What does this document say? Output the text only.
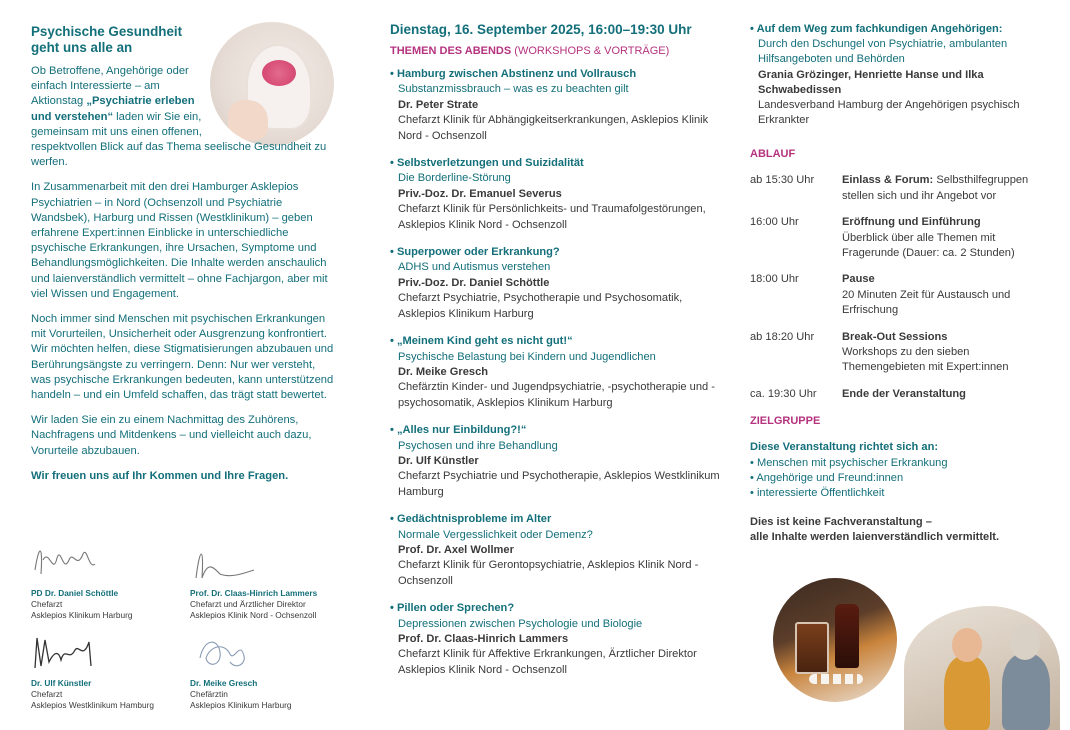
Psychische Gesundheit geht uns alle an

Ob Betroffene, Angehörige oder einfach Interessierte – am Aktionstag „Psychiatrie erleben und verstehen“ laden wir Sie ein, gemeinsam mit uns einen offenen, respektvollen Blick auf das Thema seelische Gesundheit zu werfen.

In Zusammenarbeit mit den drei Hamburger Asklepios Psychiatrien – in Nord (Ochsenzoll und Psychiatrie Wandsbek), Harburg und Rissen (Westklinikum) – geben erfahrene Expert:innen Einblicke in unterschiedliche psychische Erkrankungen, ihre Ursachen, Symptome und Behandlungsmöglichkeiten. Die Inhalte werden anschaulich und laienverständlich vermittelt – ohne Fachjargon, aber mit viel Wissen und Engagement.

Noch immer sind Menschen mit psychischen Erkrankungen mit Vorurteilen, Unsicherheit oder Ausgrenzung konfrontiert. Wir möchten helfen, diese Stigmatisierungen abzubauen und Berührungsängste zu verringern. Denn: Nur wer versteht, was psychische Erkrankungen bedeuten, kann unterstützend handeln – und ein Umfeld schaffen, das trägt statt bewertet.

Wir laden Sie ein zu einem Nachmittag des Zuhörens, Nachfragens und Mitdenkens – und vielleicht auch dazu, Vorurteile abzubauen.

Wir freuen uns auf Ihr Kommen und Ihre Fragen.

PD Dr. Daniel Schöttle
Chefarzt
Asklepios Klinikum Harburg
Prof. Dr. Claas-Hinrich Lammers
Chefarzt und Ärztlicher Direktor
Asklepios Klinik Nord - Ochsenzoll
Dr. Ulf Künstler
Chefarzt
Asklepios Westklinikum Hamburg
Dr. Meike Gresch
Chefärztin
Asklepios Klinikum Harburg
Dienstag, 16. September 2025, 16:00–19:30 Uhr
THEMEN DES ABENDS (WORKSHOPS & VORTRÄGE)
• Hamburg zwischen Abstinenz und Vollrausch
Substanzmissbrauch – was es zu beachten gilt
Dr. Peter Strate
Chefarzt Klinik für Abhängigkeitserkrankungen, Asklepios Klinik Nord - Ochsenzoll
• Selbstverletzungen und Suizidalität
Die Borderline-Störung
Priv.-Doz. Dr. Emanuel Severus
Chefarzt Klinik für Persönlichkeits- und Traumafolgestörungen, Asklepios Klinik Nord - Ochsenzoll
• Superpower oder Erkrankung?
ADHS und Autismus verstehen
Priv.-Doz. Dr. Daniel Schöttle
Chefarzt Psychiatrie, Psychotherapie und Psychosomatik, Asklepios Klinikum Harburg
• „Meinem Kind geht es nicht gut!“
Psychische Belastung bei Kindern und Jugendlichen
Dr. Meike Gresch
Chefärztin Kinder- und Jugendpsychiatrie, -psychotherapie und -psychosomatik, Asklepios Klinikum Harburg
• „Alles nur Einbildung?!“
Psychosen und ihre Behandlung
Dr. Ulf Künstler
Chefarzt Psychiatrie und Psychotherapie, Asklepios Westklinikum Hamburg
• Gedächtnisprobleme im Alter
Normale Vergesslichkeit oder Demenz?
Prof. Dr. Axel Wollmer
Chefarzt Klinik für Gerontopsychiatrie, Asklepios Klinik Nord - Ochsenzoll
• Pillen oder Sprechen?
Depressionen zwischen Psychologie und Biologie
Prof. Dr. Claas-Hinrich Lammers
Chefarzt Klinik für Affektive Erkrankungen, Ärztlicher Direktor Asklepios Klinik Nord - Ochsenzoll
• Auf dem Weg zum fachkundigen Angehörigen:
Durch den Dschungel von Psychiatrie, ambulanten Hilfsangeboten und Behörden
Grania Grözinger, Henriette Hanse und Ilka Schwabedissen
Landesverband Hamburg der Angehörigen psychisch Erkrankter
ABLAUF
ab 15:30 Uhr	Einlass & Forum: Selbsthilfegruppen stellen sich und ihr Angebot vor
16:00 Uhr	Eröffnung und Einführung
Überblick über alle Themen mit Fragerunde (Dauer: ca. 2 Stunden)
18:00 Uhr	Pause
20 Minuten Zeit für Austausch und Erfrischung
ab 18:20 Uhr	Break-Out Sessions
Workshops zu den sieben Themengebieten mit Expert:innen
ca. 19:30 Uhr	Ende der Veranstaltung
ZIELGRUPPE
Diese Veranstaltung richtet sich an:
• Menschen mit psychischer Erkrankung
• Angehörige und Freund:innen
• interessierte Öffentlichkeit
Dies ist keine Fachveranstaltung –
alle Inhalte werden laienverständlich vermittelt.
